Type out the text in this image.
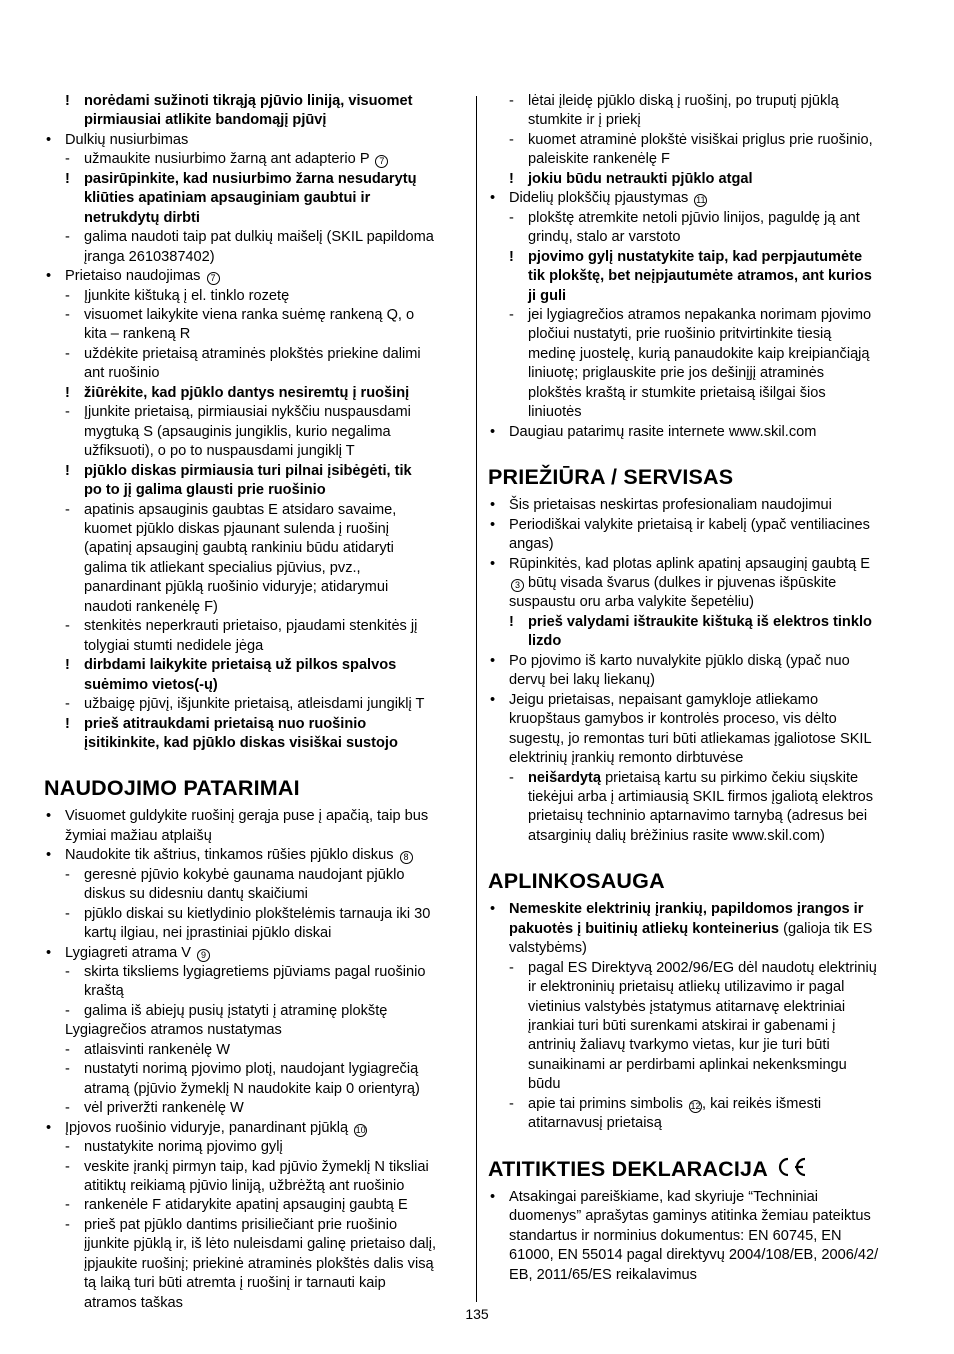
! norėdami sužinoti tikrąją pjūvio liniją, visuomet
pirmiausiai atlikite bandomąjį pjūvį
• Dulkių nusiurbimas
- užmaukite nusiurbimo žarną ant adapterio P 7
! pasirūpinkite, kad nusiurbimo žarna nesudarytų
kliūties apatiniam apsauginiam gaubtui ir
netrukdytų dirbti
- galima naudoti taip pat dulkių maišelį (SKIL papildoma
įranga 2610387402)
• Prietaiso naudojimas 7
- Įjunkite kištuką į el. tinklo rozetę
- visuomet laikykite viena ranka suėmę rankeną Q, o
kita – rankeną R
- uždėkite prietaisą atraminės plokštės priekine dalimi
ant ruošinio
! žiūrėkite, kad pjūklo dantys nesiremtų į ruošinį
- Įjunkite prietaisą, pirmiausiai nykščiu nuspausdami
mygtuką S (apsauginis jungiklis, kurio negalima
užfiksuoti), o po to nuspausdami jungiklį T
! pjūklo diskas pirmiausia turi pilnai įsibėgėti, tik
po to jį galima glausti prie ruošinio
- apatinis apsauginis gaubtas E atsidaro savaime,
kuomet pjūklo diskas pjaunant sulenda į ruošinį
(apatinį apsauginį gaubtą rankiniu būdu atidaryti
galima tik atliekant specialius pjūvius, pvz.,
panardinant pjūklą ruošinio viduryje; atidarymui
naudoti rankenėlę F)
- stenkitės neperkrauti prietaiso, pjaudami stenkitės jį
tolygiai stumti nedidele jėga
! dirbdami laikykite prietaisą už pilkos spalvos
suėmimo vietos(-ų)
- užbaigę pjūvį, išjunkite prietaisą, atleisdami jungiklį T
! prieš atitraukdami prietaisą nuo ruošinio
įsitikinkite, kad pjūklo diskas visiškai sustojo
NAUDOJIMO PATARIMAI
• Visuomet guldykite ruošinį gerąja puse į apačią, taip bus
žymiai mažiau atplaišų
• Naudokite tik aštrius, tinkamos rūšies pjūklo diskus 8
- geresnė pjūvio kokybė gaunama naudojant pjūklo
diskus su didesniu dantų skaičiumi
- pjūklo diskai su kietlydinio plokštelėmis tarnauja iki 30
kartų ilgiau, nei įprastiniai pjūklo diskai
• Lygiagreti atrama V 9
- skirta tiksliems lygiagretiems pjūviams pagal ruošinio
kraštą
- galima iš abiejų pusių įstatyti į atraminę plokštę
Lygiagrečios atramos nustatymas
- atlaisvinti rankenėlę W
- nustatyti norimą pjovimo plotį, naudojant lygiagrečią
atramą (pjūvio žymeklį N naudokite kaip 0 orientyrą)
- vėl priveržti rankenėlę W
• Įpjovos ruošinio viduryje, panardinant pjūklą 10
- nustatykite norimą pjovimo gylį
- veskite įrankį pirmyn taip, kad pjūvio žymeklį N tiksliai
atitiktų reikiamą pjūvio liniją, užbrėžtą ant ruošinio
- rankenėle F atidarykite apatinį apsauginį gaubtą E
- prieš pat pjūklo dantims prisiliečiant prie ruošinio
įjunkite pjūklą ir, iš lėto nuleisdami galinę prietaiso dalį,
įpjaukite ruošinį; priekinė atraminės plokštės dalis visą
tą laiką turi būti atremta į ruošinį ir tarnauti kaip
atramos taškas
- lėtai įleidę pjūklo diską į ruošinį, po truputį pjūklą
stumkite ir į priekį
- kuomet atraminė plokštė visiškai priglus prie ruošinio,
paleiskite rankenėlę F
! jokiu būdu netraukti pjūklo atgal
• Didelių plokščių pjaustymas 11
- plokštę atremkite netoli pjūvio linijos, paguldę ją ant
grindų, stalo ar varstoto
! pjovimo gylį nustatykite taip, kad perpjautumėte
tik plokštę, bet neįpjautumėte atramos, ant kurios
ji guli
- jei lygiagrečios atramos nepakanka norimam pjovimo
pločiui nustatyti, prie ruošinio pritvirtinkite tiesią
medinę juostelę, kurią panaudokite kaip kreipiančiąją
liniuotę; priglauskite prie jos dešinįjį atraminės
plokštės kraštą ir stumkite prietaisą išilgai šios
liniuotės
• Daugiau patarimų rasite internete www.skil.com
PRIEŽIŪRA / SERVISAS
• Šis prietaisas neskirtas profesionaliam naudojimui
• Periodiškai valykite prietaisą ir kabelį (ypač ventiliacines
angas)
• Rūpinkitės, kad plotas aplink apatinį apsauginį gaubtą E
3 būtų visada švarus (dulkes ir pjuvenas išpūskite
suspaustu oru arba valykite šepetėliu)
! prieš valydami ištraukite kištuką iš elektros tinklo
lizdo
• Po pjovimo iš karto nuvalykite pjūklo diską (ypač nuo
dervų bei lakų liekanų)
• Jeigu prietaisas, nepaisant gamykloje atliekamo
kruopštaus gamybos ir kontrolės proceso, vis dėlto
sugestų, jo remontas turi būti atliekamas įgaliotose SKIL
elektrinių įrankių remonto dirbtuvėse
- neišardytą prietaisą kartu su pirkimo čekiu siųskite
tiekėjui arba į artimiausią SKIL firmos įgaliotą elektros
prietaisų techninio aptarnavimo tarnybą (adresus bei
atsarginių dalių brėžinius rasite www.skil.com)
APLINKOSAUGA
• Nemeskite elektrinių įrankių, papildomos įrangos ir
pakuotės į buitinių atliekų konteinerius (galioja tik ES
valstybėms)
- pagal ES Direktyvą 2002/96/EG dėl naudotų elektrinių
ir elektroninių prietaisų atliekų utilizavimo ir pagal
vietinius valstybės įstatymus atitarnavę elektriniai
įrankiai turi būti surenkami atskirai ir gabenami į
antrinių žaliavų tvarkymo vietas, kur jie turi būti
sunaikinami ar perdirbami aplinkai nekenksmingu
būdu
- apie tai primins simbolis 12 , kai reikės išmesti
atitarnavusį prietaisą
ATITIKTIES DEKLARACIJA
• Atsakingai pareiškiame, kad skyriuje “Techniniai
duomenys” aprašytas gaminys atitinka žemiau pateiktus
standartus ir norminius dokumentus: EN 60745, EN
61000, EN 55014 pagal direktyvų 2004/108/EB, 2006/42/
EB, 2011/65/ES reikalavimus
135
